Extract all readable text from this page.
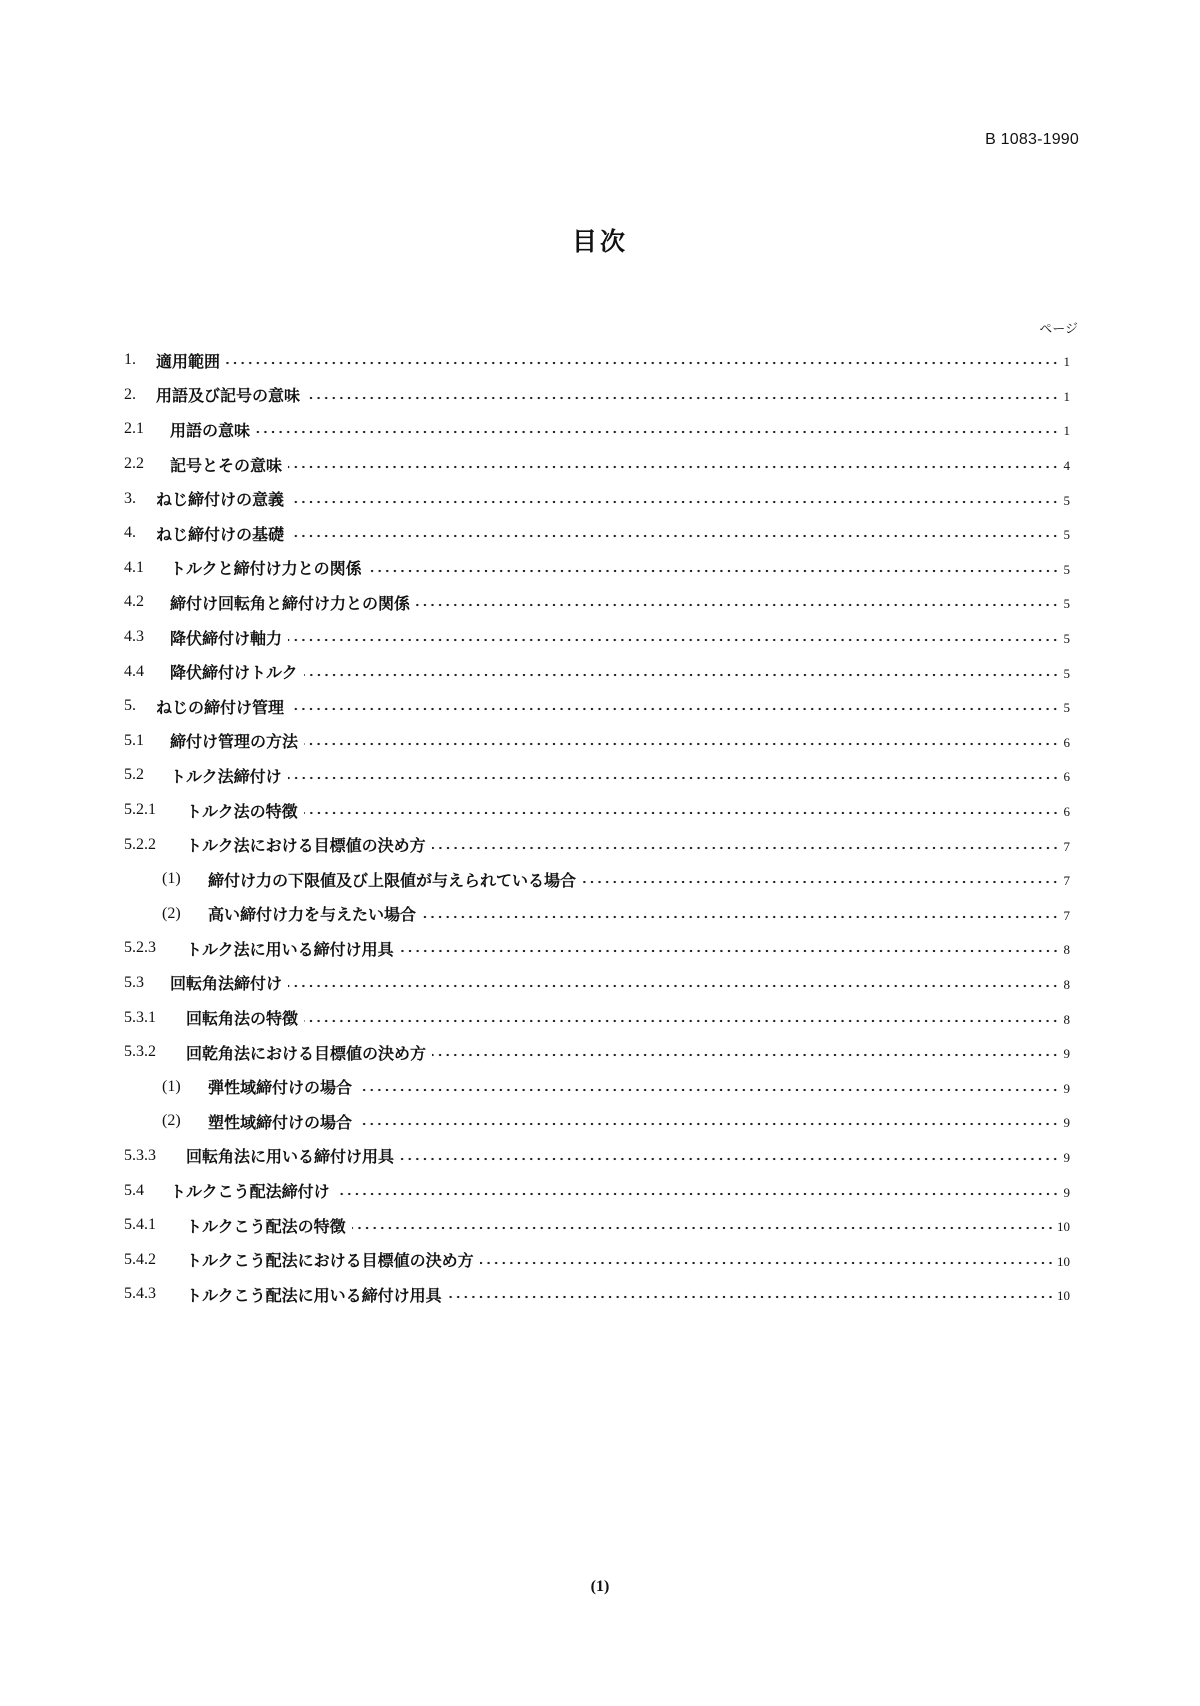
B 1083-1990
目次
ページ
1.	適用範囲	1
2.	用語及び記号の意味	1
2.1	用語の意味	1
2.2	記号とその意味	4
3.	ねじ締付けの意義	5
4.	ねじ締付けの基礎	5
4.1	トルクと締付け力との関係	5
4.2	締付け回転角と締付け力との関係	5
4.3	降伏締付け軸力	5
4.4	降伏締付けトルク	5
5.	ねじの締付け管理	5
5.1	締付け管理の方法	6
5.2	トルク法締付け	6
5.2.1	トルク法の特徴	6
5.2.2	トルク法における目標値の決め方	7
(1)	締付け力の下限値及び上限値が与えられている場合	7
(2)	高い締付け力を与えたい場合	7
5.2.3	トルク法に用いる締付け用具	8
5.3	回転角法締付け	8
5.3.1	回転角法の特徴	8
5.3.2	回乾角法における目標値の決め方	9
(1)	弾性域締付けの場合	9
(2)	塑性域締付けの場合	9
5.3.3	回転角法に用いる締付け用具	9
5.4	トルクこう配法締付け	9
5.4.1	トルクこう配法の特徴	10
5.4.2	トルクこう配法における目標値の決め方	10
5.4.3	トルクこう配法に用いる締付け用具	10
(1)
